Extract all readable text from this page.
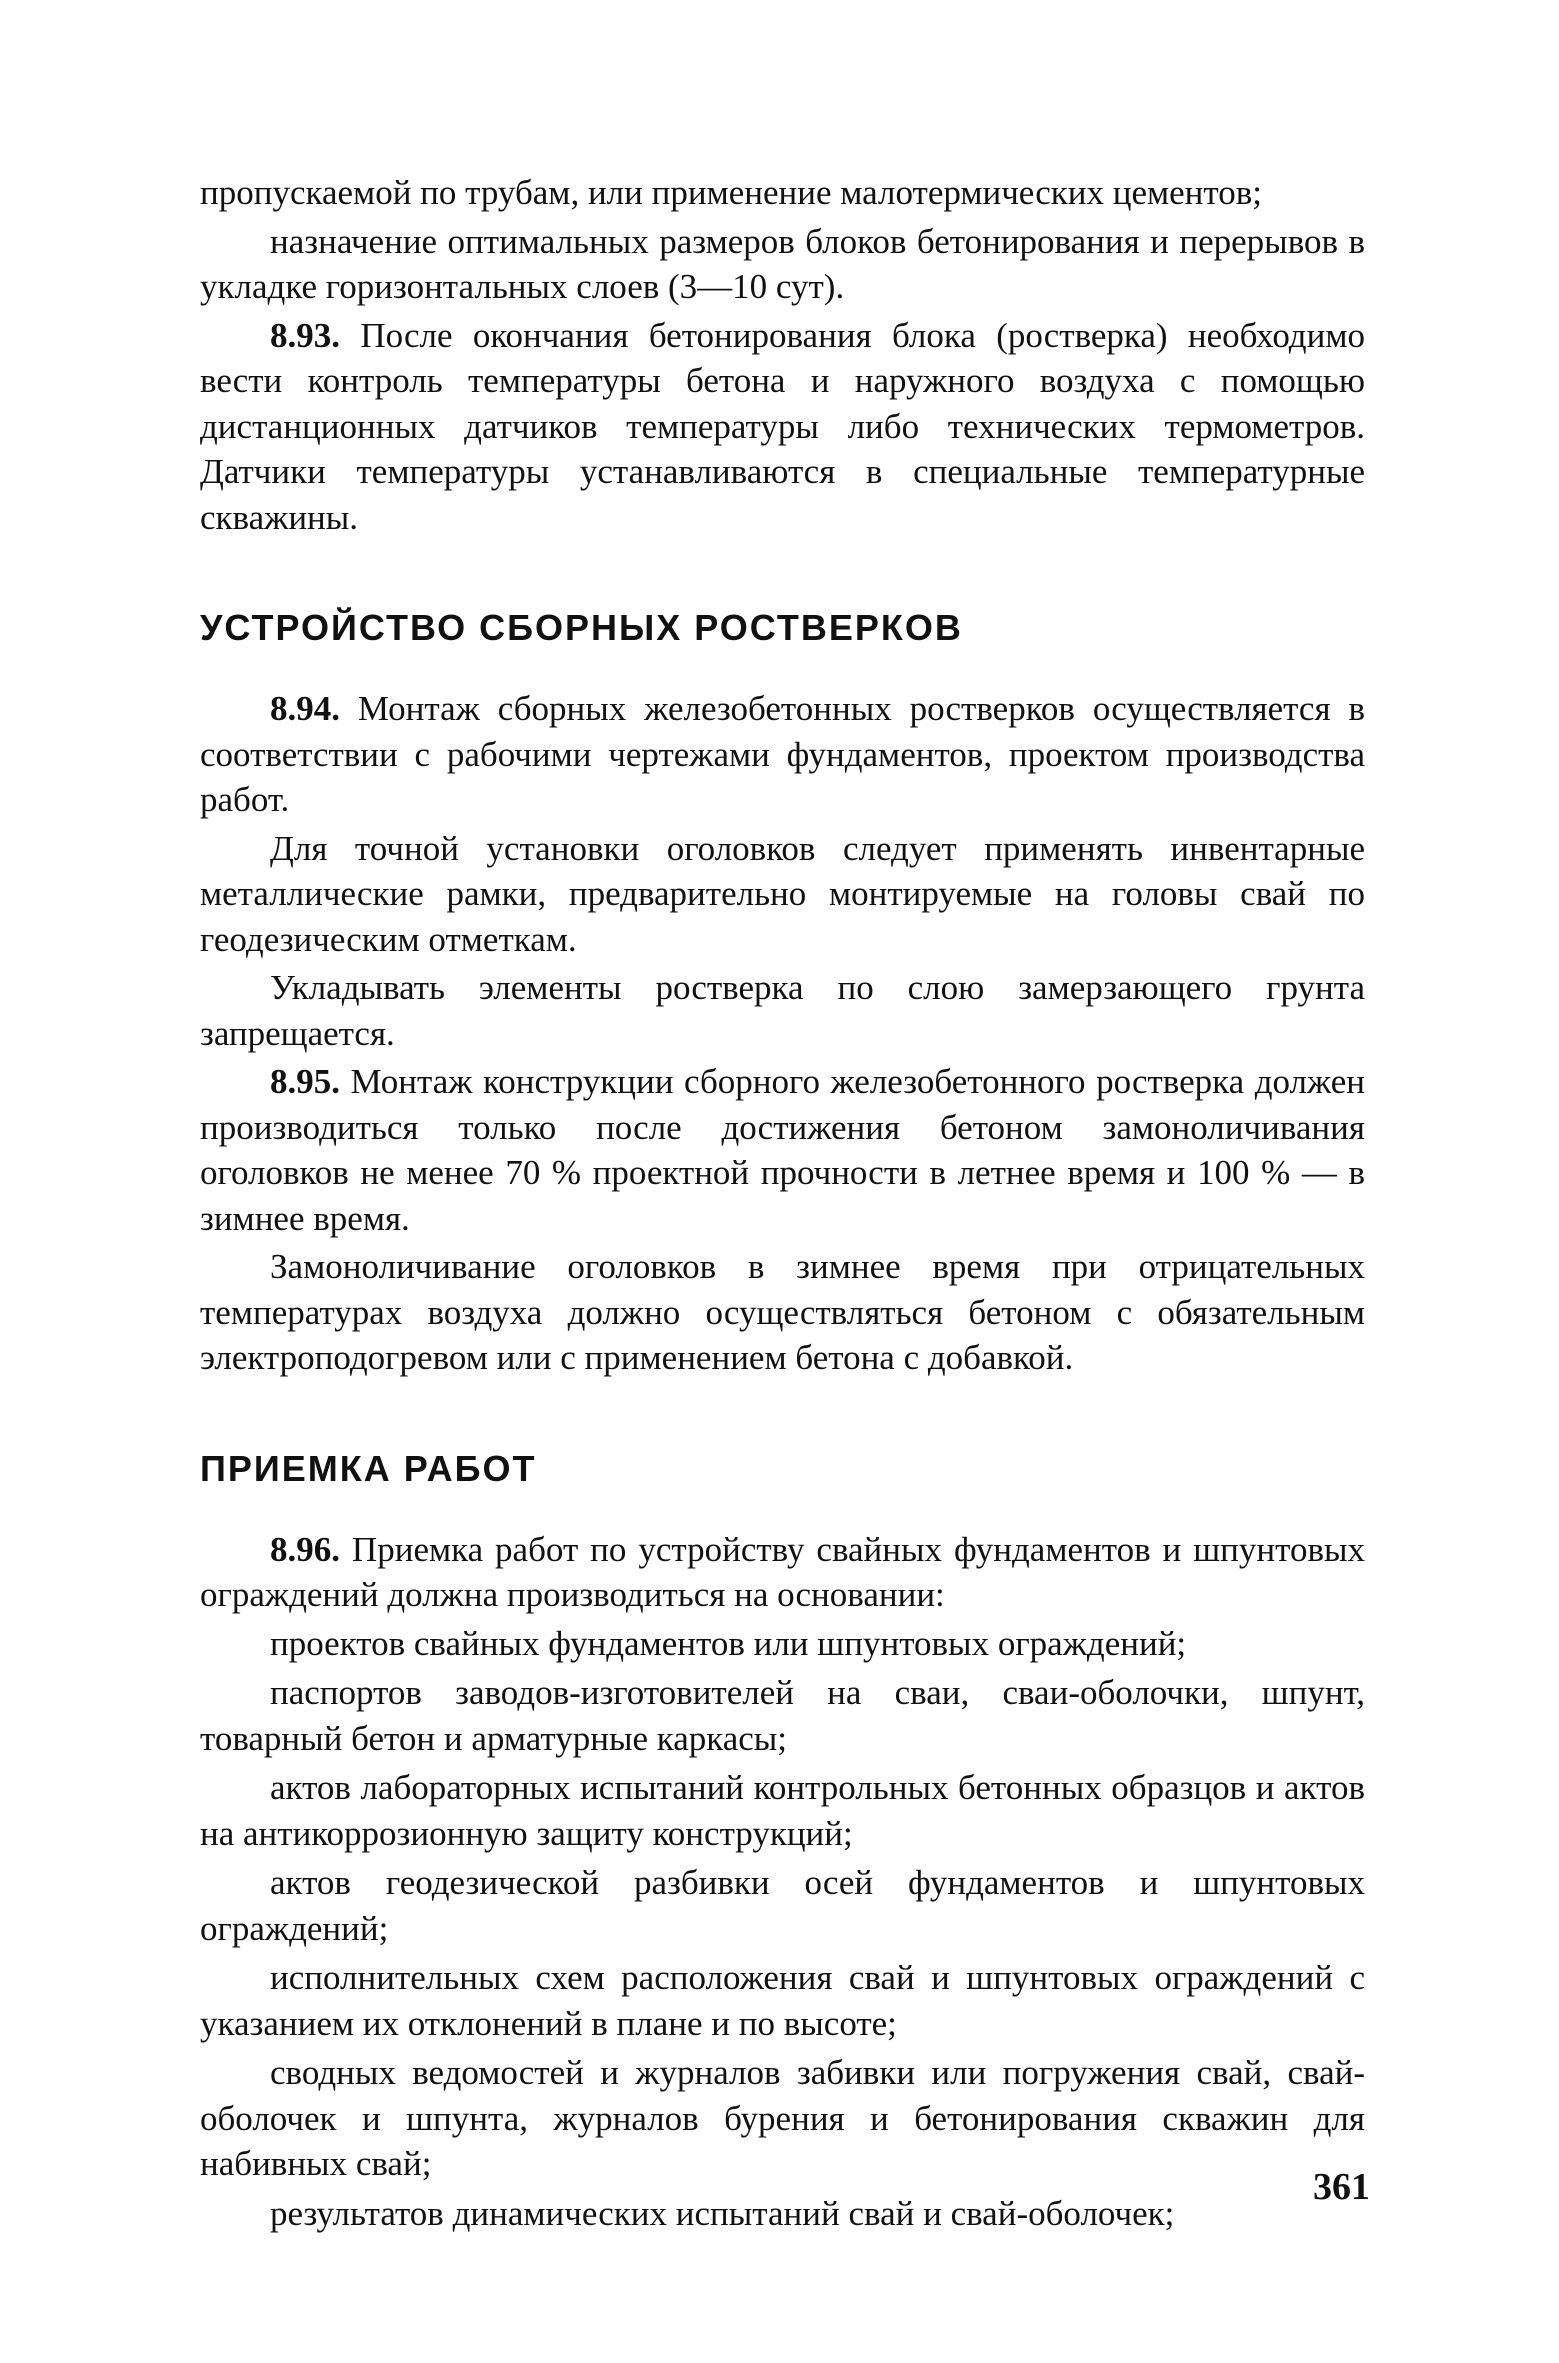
пропускаемой по трубам, или применение малотермических цементов;

назначение оптимальных размеров блоков бетонирования и перерывов в укладке горизонтальных слоев (3—10 сут).

8.93. После окончания бетонирования блока (ростверка) необходимо вести контроль температуры бетона и наружного воздуха с помощью дистанционных датчиков температуры либо технических термометров. Датчики температуры устанавливаются в специальные температурные скважины.

УСТРОЙСТВО СБОРНЫХ РОСТВЕРКОВ

8.94. Монтаж сборных железобетонных ростверков осуществляется в соответствии с рабочими чертежами фундаментов, проектом производства работ.

Для точной установки оголовков следует применять инвентарные металлические рамки, предварительно монтируемые на головы свай по геодезическим отметкам.

Укладывать элементы ростверка по слою замерзающего грунта запрещается.

8.95. Монтаж конструкции сборного железобетонного ростверка должен производиться только после достижения бетоном замоноличивания оголовков не менее 70 % проектной прочности в летнее время и 100 % — в зимнее время.

Замоноличивание оголовков в зимнее время при отрицательных температурах воздуха должно осуществляться бетоном с обязательным электроподогревом или с применением бетона с добавкой.

ПРИЕМКА РАБОТ

8.96. Приемка работ по устройству свайных фундаментов и шпунтовых ограждений должна производиться на основании:

проектов свайных фундаментов или шпунтовых ограждений;

паспортов заводов-изготовителей на сваи, сваи-оболочки, шпунт, товарный бетон и арматурные каркасы;

актов лабораторных испытаний контрольных бетонных образцов и актов на антикоррозионную защиту конструкций;

актов геодезической разбивки осей фундаментов и шпунтовых ограждений;

исполнительных схем расположения свай и шпунтовых ограждений с указанием их отклонений в плане и по высоте;

сводных ведомостей и журналов забивки или погружения свай, свай-оболочек и шпунта, журналов бурения и бетонирования скважин для набивных свай;

результатов динамических испытаний свай и свай-оболочек;

361
